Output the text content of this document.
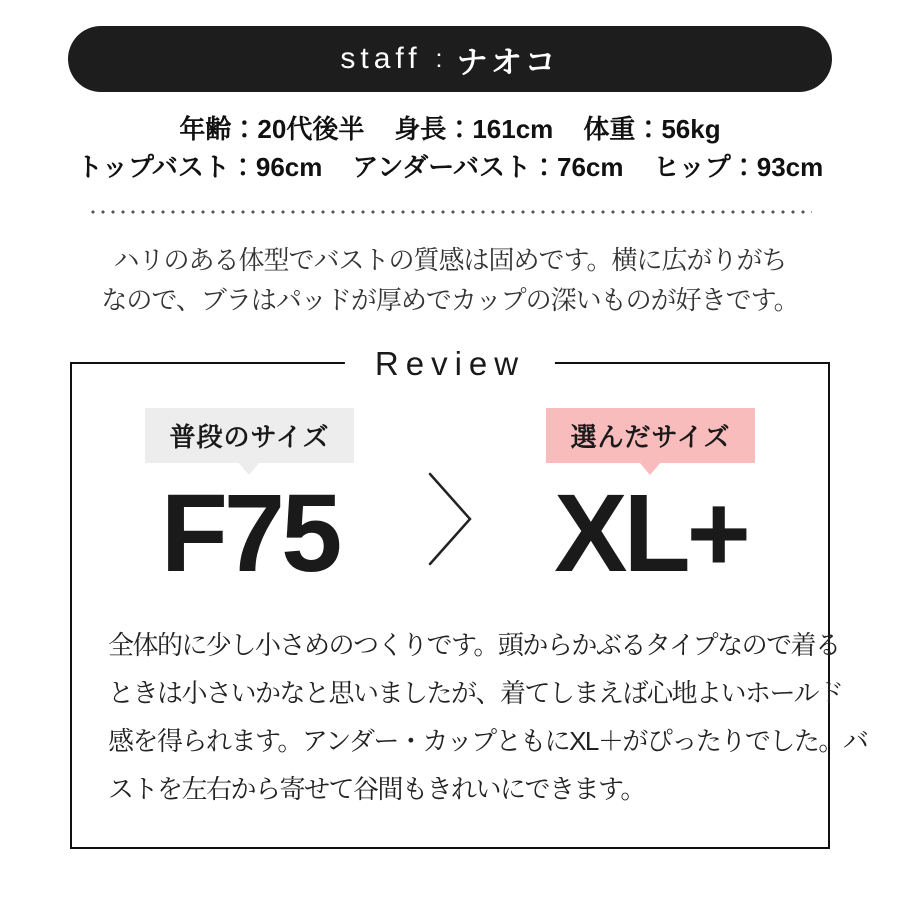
staff : ナオコ
年齢：20代後半 身長：161cm 体重：56kg
トップバスト：96cm アンダーバスト：76cm ヒップ：93cm
ハリのある体型でバストの質感は固めです。横に広がりがち
なので、ブラはパッドが厚めでカップの深いものが好きです。
Review
普段のサイズ
F75
選んだサイズ
XL+
全体的に少し小さめのつくりです。頭からかぶるタイプなので着る
ときは小さいかなと思いましたが、着てしまえば心地よいホールド
感を得られます。アンダー・カップともにXL＋がぴったりでした。バ
ストを左右から寄せて谷間もきれいにできます。
